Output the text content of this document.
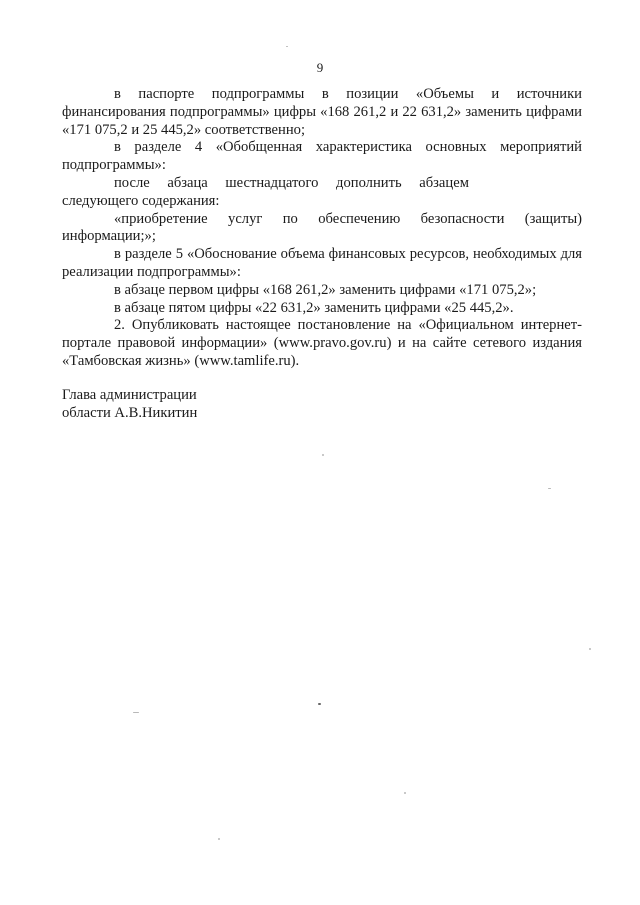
9

в паспорте подпрограммы в позиции «Объемы и источники финансирования подпрограммы» цифры «168 261,2 и 22 631,2» заменить цифрами «171 075,2 и 25 445,2» соответственно;

в разделе 4 «Обобщенная характеристика основных мероприятий подпрограммы»:

после абзаца шестнадцатого дополнить абзацем
следующего содержания:

«приобретение услуг по обеспечению безопасности (защиты) информации;»;

в разделе 5 «Обоснование объема финансовых ресурсов, необходимых для реализации подпрограммы»:

в абзаце первом цифры «168 261,2» заменить цифрами «171 075,2»;

в абзаце пятом цифры «22 631,2» заменить цифрами «25 445,2».

2. Опубликовать настоящее постановление на «Официальном интернет-портале правовой информации» (www.pravo.gov.ru) и на сайте сетевого издания «Тамбовская жизнь» (www.tamlife.ru).

Глава администрации
области А.В.Никитин
